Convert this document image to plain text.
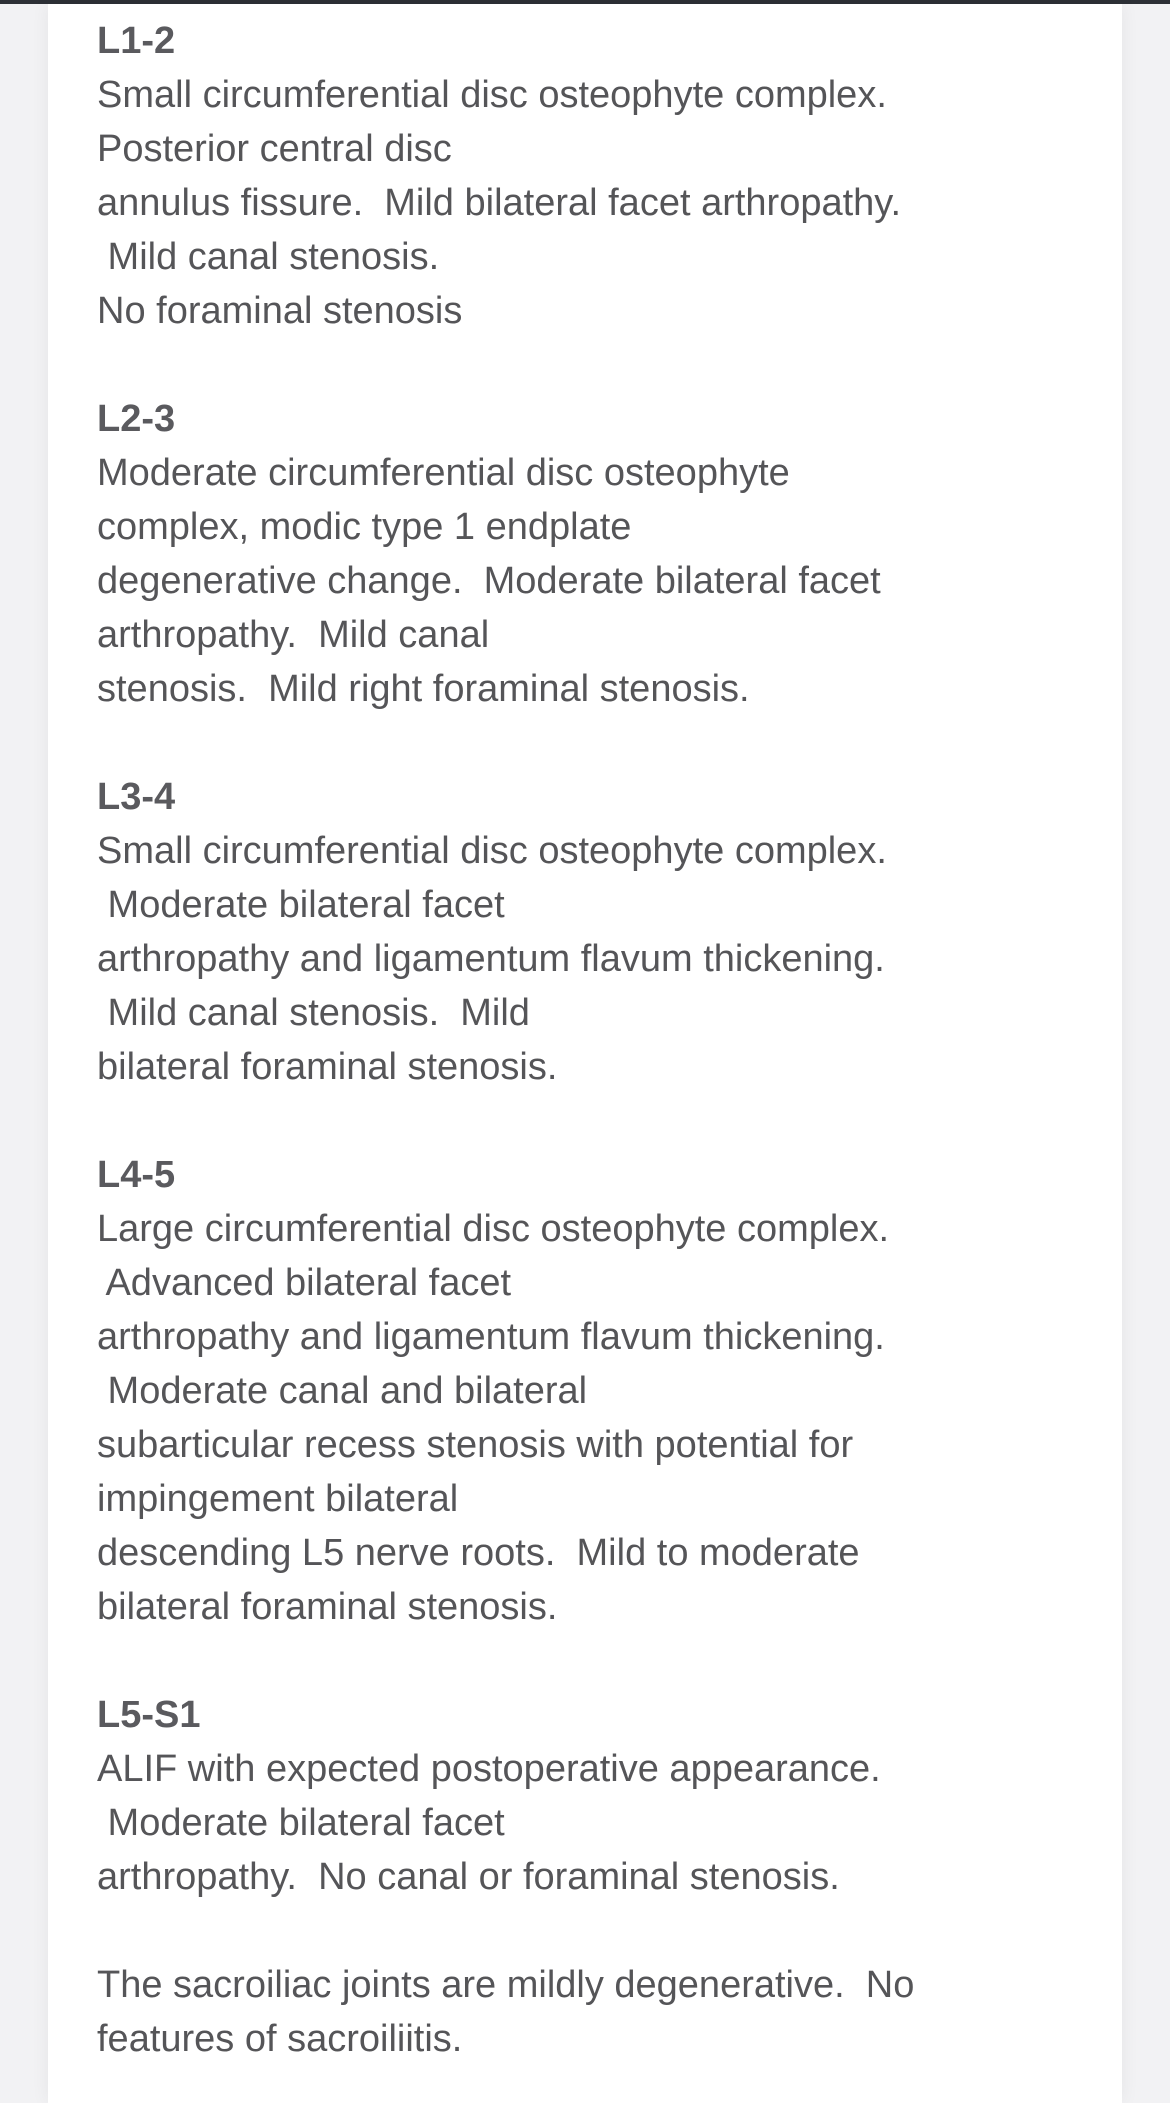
L1-2
Small circumferential disc osteophyte complex.
Posterior central disc
annulus fissure.  Mild bilateral facet arthropathy.
Mild canal stenosis.
No foraminal stenosis
L2-3
Moderate circumferential disc osteophyte
complex, modic type 1 endplate
degenerative change.  Moderate bilateral facet
arthropathy.  Mild canal
stenosis.  Mild right foraminal stenosis.
L3-4
Small circumferential disc osteophyte complex.
Moderate bilateral facet
arthropathy and ligamentum flavum thickening.
Mild canal stenosis.  Mild
bilateral foraminal stenosis.
L4-5
Large circumferential disc osteophyte complex.
Advanced bilateral facet
arthropathy and ligamentum flavum thickening.
Moderate canal and bilateral
subarticular recess stenosis with potential for
impingement bilateral
descending L5 nerve roots.  Mild to moderate
bilateral foraminal stenosis.
L5-S1
ALIF with expected postoperative appearance.
Moderate bilateral facet
arthropathy.  No canal or foraminal stenosis.
The sacroiliac joints are mildly degenerative.  No
features of sacroiliitis.
